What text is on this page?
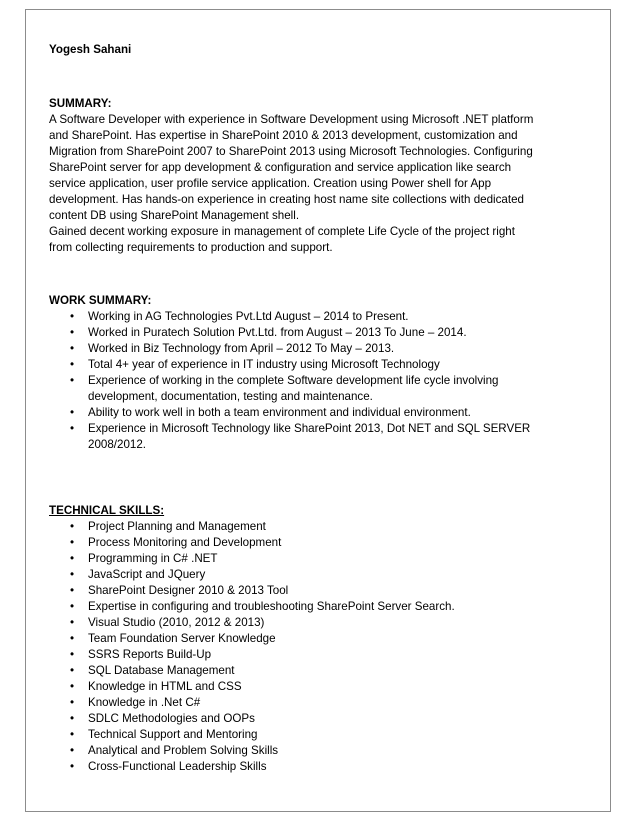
Yogesh Sahani

SUMMARY:

A Software Developer with experience in Software Development using Microsoft .NET platform
and SharePoint. Has expertise in SharePoint 2010 & 2013 development, customization and
Migration from SharePoint 2007 to SharePoint 2013 using Microsoft Technologies. Configuring
SharePoint server for app development & configuration and service application like search
service application, user profile service application. Creation using Power shell for App
development. Has hands-on experience in creating host name site collections with dedicated
content DB using SharePoint Management shell.
Gained decent working exposure in management of complete Life Cycle of the project right
from collecting requirements to production and support.

WORK SUMMARY:

•	Working in AG Technologies Pvt.Ltd August – 2014 to Present.
•	Worked in Puratech Solution Pvt.Ltd. from August – 2013 To June – 2014.
•	Worked in Biz Technology from April – 2012 To May – 2013.
•	Total 4+ year of experience in IT industry using Microsoft Technology
•	Experience of working in the complete Software development life cycle involving
development, documentation, testing and maintenance.
•	Ability to work well in both a team environment and individual environment.
•	Experience in Microsoft Technology like SharePoint 2013, Dot NET and SQL SERVER
2008/2012.

TECHNICAL SKILLS:

•	Project Planning and Management
•	Process Monitoring and Development
•	Programming in C# .NET
•	JavaScript and JQuery
•	SharePoint Designer 2010 & 2013 Tool
•	Expertise in configuring and troubleshooting SharePoint Server Search.
•	Visual Studio (2010, 2012 & 2013)
•	Team Foundation Server Knowledge
•	SSRS Reports Build-Up
•	SQL Database Management
•	Knowledge in HTML and CSS
•	Knowledge in .Net C#
•	SDLC Methodologies and OOPs
•	Technical Support and Mentoring
•	Analytical and Problem Solving Skills
•	Cross-Functional Leadership Skills
